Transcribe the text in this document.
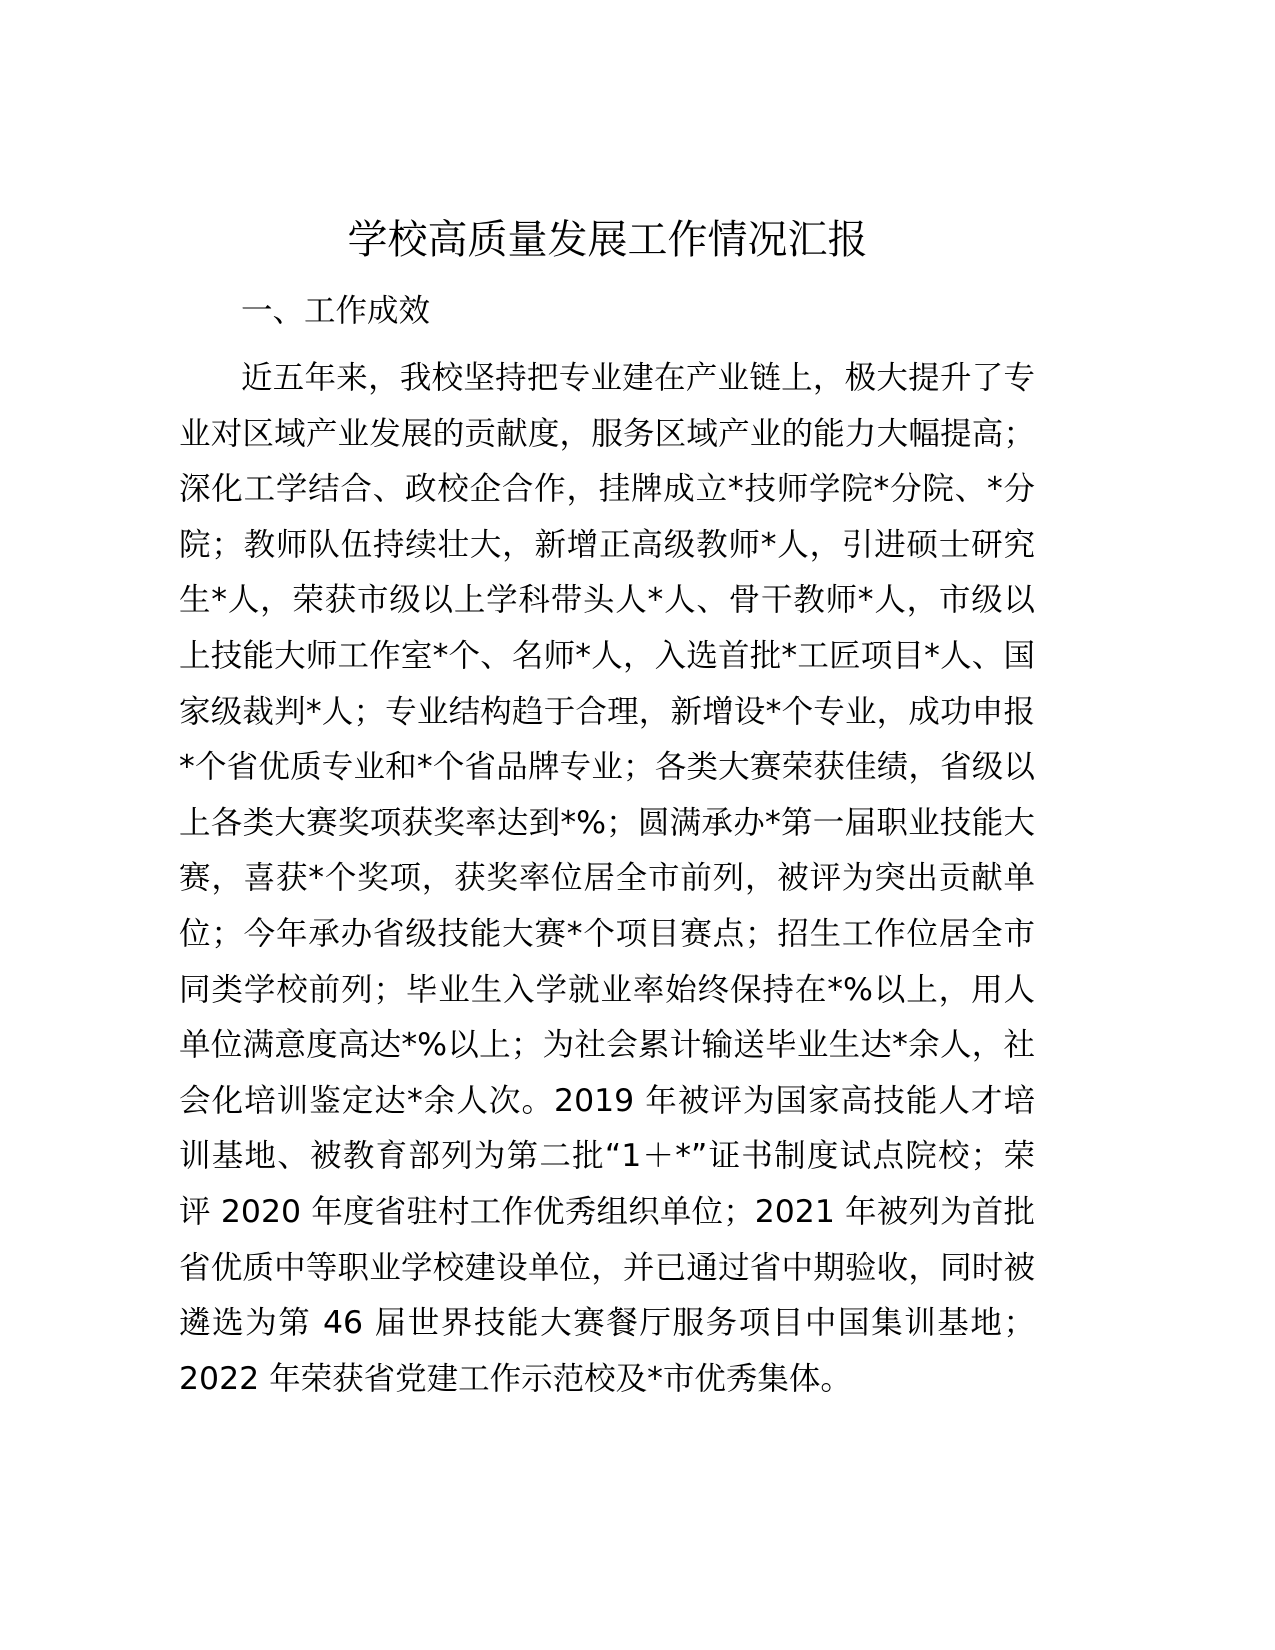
学校高质量发展工作情况汇报
一、工作成效
近五年来，我校坚持把专业建在产业链上，极大提升了专
业对区域产业发展的贡献度，服务区域产业的能力大幅提高；
深化工学结合、政校企合作，挂牌成立*技师学院*分院、*分
院；教师队伍持续壮大，新增正高级教师*人，引进硕士研究
生*人，荣获市级以上学科带头人*人、骨干教师*人，市级以
上技能大师工作室*个、名师*人，入选首批*工匠项目*人、国
家级裁判*人；专业结构趋于合理，新增设*个专业，成功申报
*个省优质专业和*个省品牌专业；各类大赛荣获佳绩，省级以
上各类大赛奖项获奖率达到*%；圆满承办*第一届职业技能大
赛，喜获*个奖项，获奖率位居全市前列，被评为突出贡献单
位；今年承办省级技能大赛*个项目赛点；招生工作位居全市
同类学校前列；毕业生入学就业率始终保持在*%以上，用人
单位满意度高达*%以上；为社会累计输送毕业生达*余人，社
会化培训鉴定达*余人次。2019 年被评为国家高技能人才培
训基地、被教育部列为第二批“1＋*”证书制度试点院校；荣
评 2020 年度省驻村工作优秀组织单位；2021 年被列为首批
省优质中等职业学校建设单位，并已通过省中期验收，同时被
遴选为第 46 届世界技能大赛餐厅服务项目中国集训基地；
2022 年荣获省党建工作示范校及*市优秀集体。
